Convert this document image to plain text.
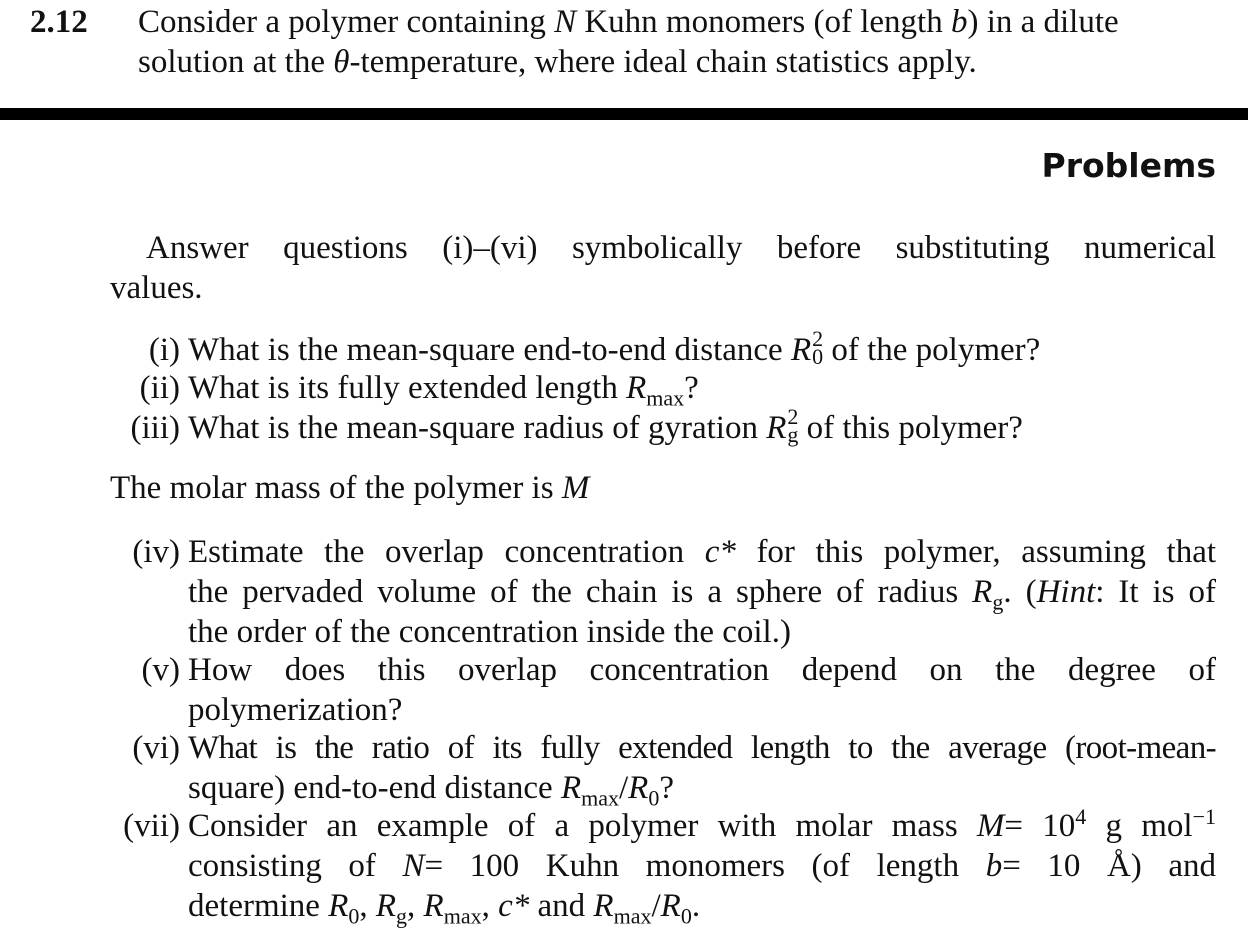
2.12 Consider a polymer containing N Kuhn monomers (of length b) in a dilute
solution at the θ-temperature, where ideal chain statistics apply.
Problems
Answer questions (i)–(vi) symbolically before substituting numerical
values.
(i) What is the mean-square end-to-end distance R 2
0 of the polymer?
(ii) What is its fully extended length $R_{max}$?
(iii) What is the mean-square radius of gyration R 2
g of this polymer?
The molar mass of the polymer is M
(iv) Estimate the overlap concentration c* for this polymer, assuming that
the pervaded volume of the chain is a sphere of radius $R_g$. (Hint: It is of
the order of the concentration inside the coil.)
(v) How does this overlap concentration depend on the degree of
polymerization?
(vi) What is the ratio of its fully extended length to the average (root-mean-
square) end-to-end distance $R_{max}/R_0$?
(vii) Consider an example of a polymer with molar mass $M= 10^4$ g mol$^{-1}$
consisting of N= 100 Kuhn monomers (of length b= 10 Å) and
determine $R_0$, $R_g$, $R_{max}$, c* and $R_{max}/R_0$.
